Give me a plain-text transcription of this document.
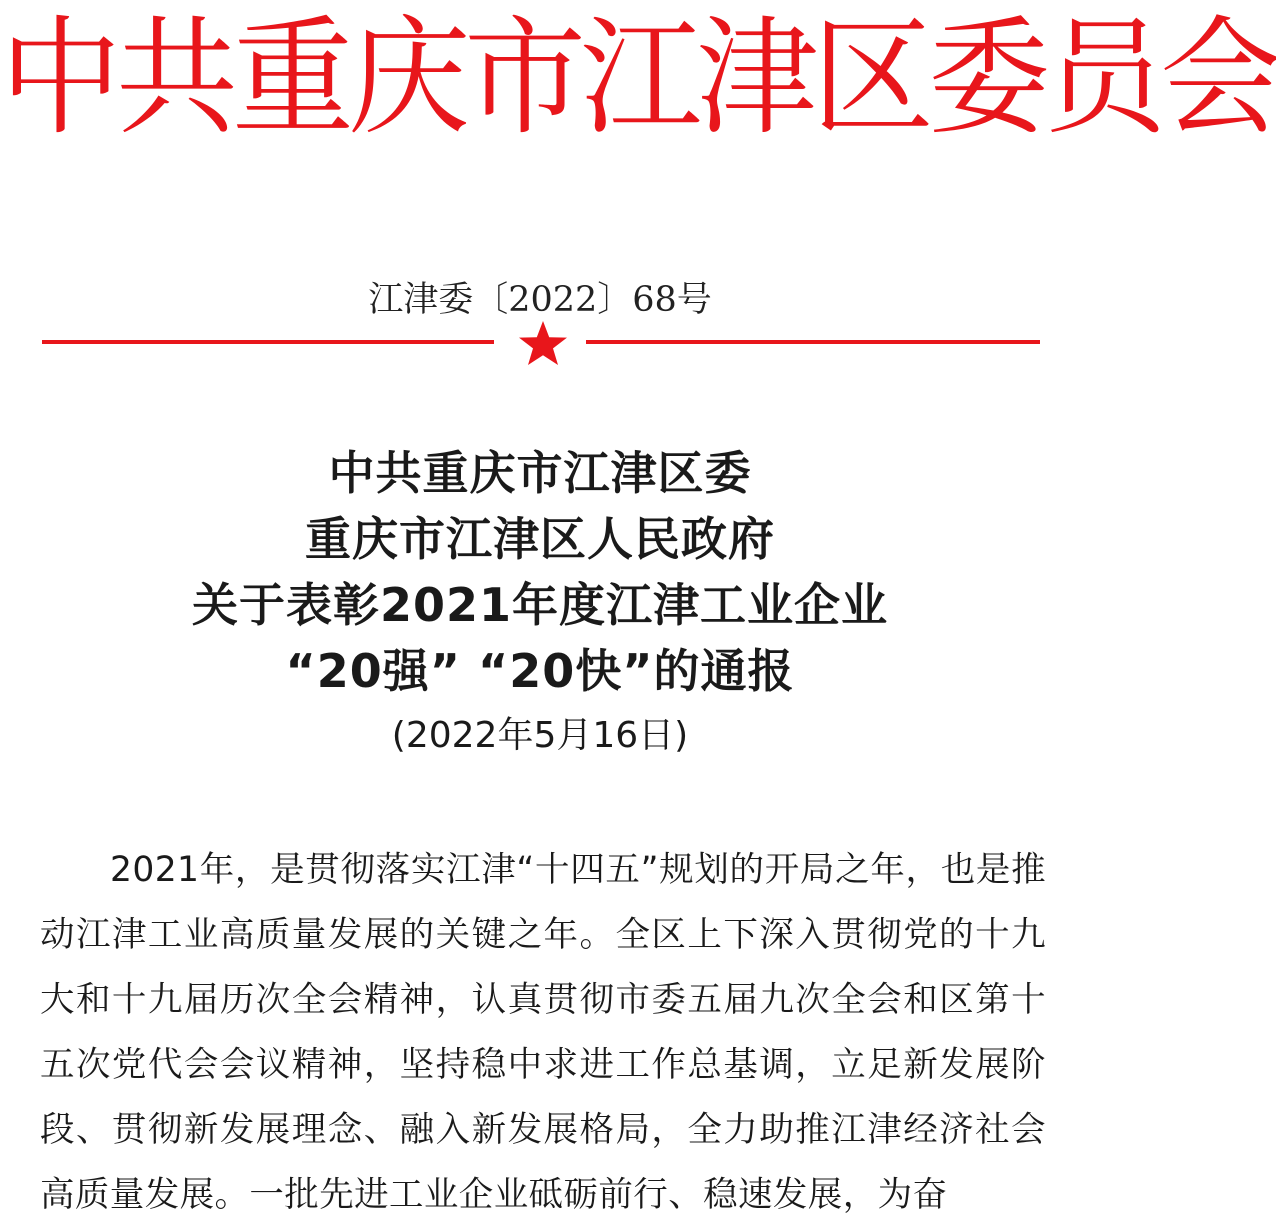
中共重庆市江津区委员会
江津委〔2022〕68号
中共重庆市江津区委
重庆市江津区人民政府
关于表彰2021年度江津工业企业
“20强” “20快”的通报
(2022年5月16日)
2021年，是贯彻落实江津“十四五”规划的开局之年，也是推动江津工业高质量发展的关键之年。全区上下深入贯彻党的十九大和十九届历次全会精神，认真贯彻市委五届九次全会和区第十五次党代会会议精神，坚持稳中求进工作总基调，立足新发展阶段、贯彻新发展理念、融入新发展格局，全力助推江津经济社会高质量发展。一批先进工业企业砥砺前行、稳速发展，为奋
